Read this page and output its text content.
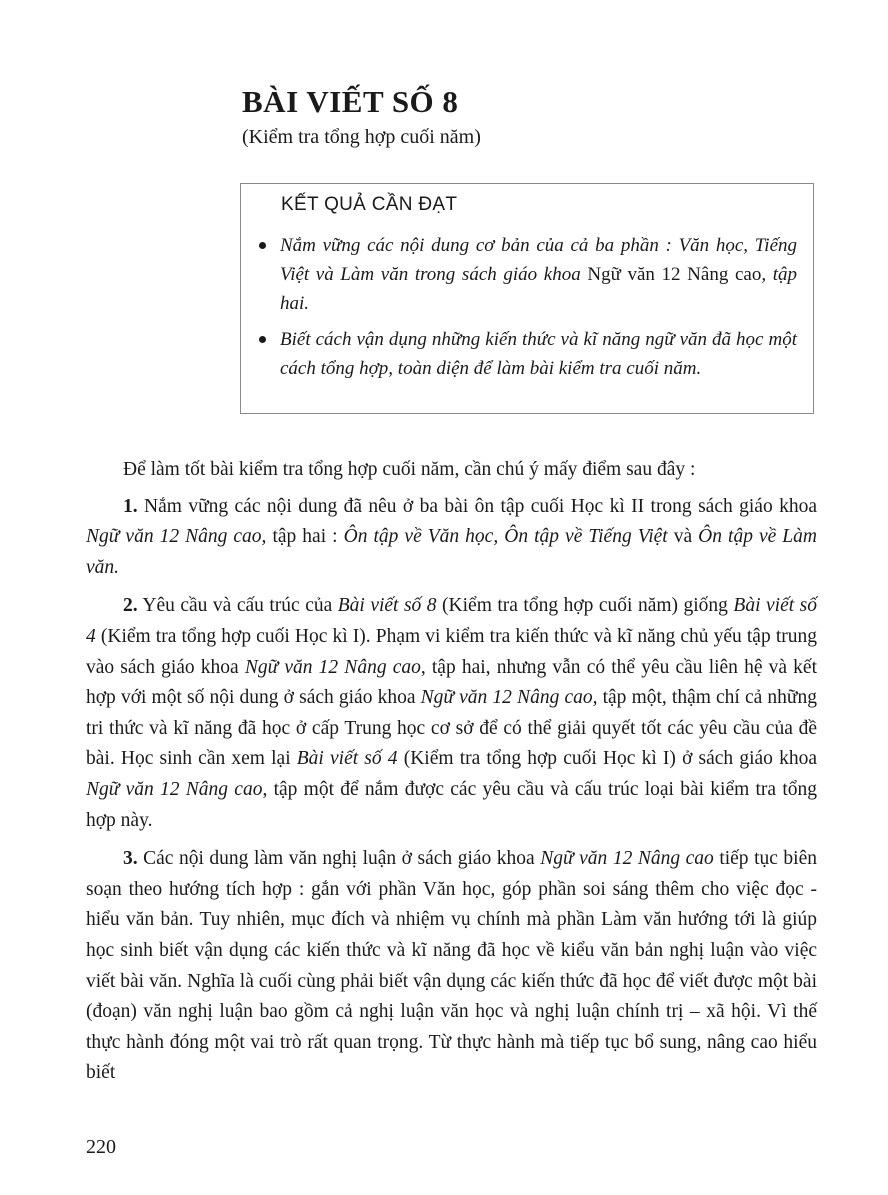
BÀI VIẾT SỐ 8

(Kiểm tra tổng hợp cuối năm)

KẾT QUẢ CẦN ĐẠT

Nắm vững các nội dung cơ bản của cả ba phần : Văn học, Tiếng Việt và Làm văn trong sách giáo khoa Ngữ văn 12 Nâng cao, tập hai.
Biết cách vận dụng những kiến thức và kĩ năng ngữ văn đã học một cách tổng hợp, toàn diện để làm bài kiểm tra cuối năm.

Để làm tốt bài kiểm tra tổng hợp cuối năm, cần chú ý mấy điểm sau đây :

1. Nắm vững các nội dung đã nêu ở ba bài ôn tập cuối Học kì II trong sách giáo khoa Ngữ văn 12 Nâng cao, tập hai : Ôn tập về Văn học, Ôn tập về Tiếng Việt và Ôn tập về Làm văn.

2. Yêu cầu và cấu trúc của Bài viết số 8 (Kiểm tra tổng hợp cuối năm) giống Bài viết số 4 (Kiểm tra tổng hợp cuối Học kì I). Phạm vi kiểm tra kiến thức và kĩ năng chủ yếu tập trung vào sách giáo khoa Ngữ văn 12 Nâng cao, tập hai, nhưng vẫn có thể yêu cầu liên hệ và kết hợp với một số nội dung ở sách giáo khoa Ngữ văn 12 Nâng cao, tập một, thậm chí cả những tri thức và kĩ năng đã học ở cấp Trung học cơ sở để có thể giải quyết tốt các yêu cầu của đề bài. Học sinh cần xem lại Bài viết số 4 (Kiểm tra tổng hợp cuối Học kì I) ở sách giáo khoa Ngữ văn 12 Nâng cao, tập một để nắm được các yêu cầu và cấu trúc loại bài kiểm tra tổng hợp này.

3. Các nội dung làm văn nghị luận ở sách giáo khoa Ngữ văn 12 Nâng cao tiếp tục biên soạn theo hướng tích hợp : gắn với phần Văn học, góp phần soi sáng thêm cho việc đọc - hiểu văn bản. Tuy nhiên, mục đích và nhiệm vụ chính mà phần Làm văn hướng tới là giúp học sinh biết vận dụng các kiến thức và kĩ năng đã học về kiểu văn bản nghị luận vào việc viết bài văn. Nghĩa là cuối cùng phải biết vận dụng các kiến thức đã học để viết được một bài (đoạn) văn nghị luận bao gồm cả nghị luận văn học và nghị luận chính trị – xã hội. Vì thế thực hành đóng một vai trò rất quan trọng. Từ thực hành mà tiếp tục bổ sung, nâng cao hiểu biết

220
